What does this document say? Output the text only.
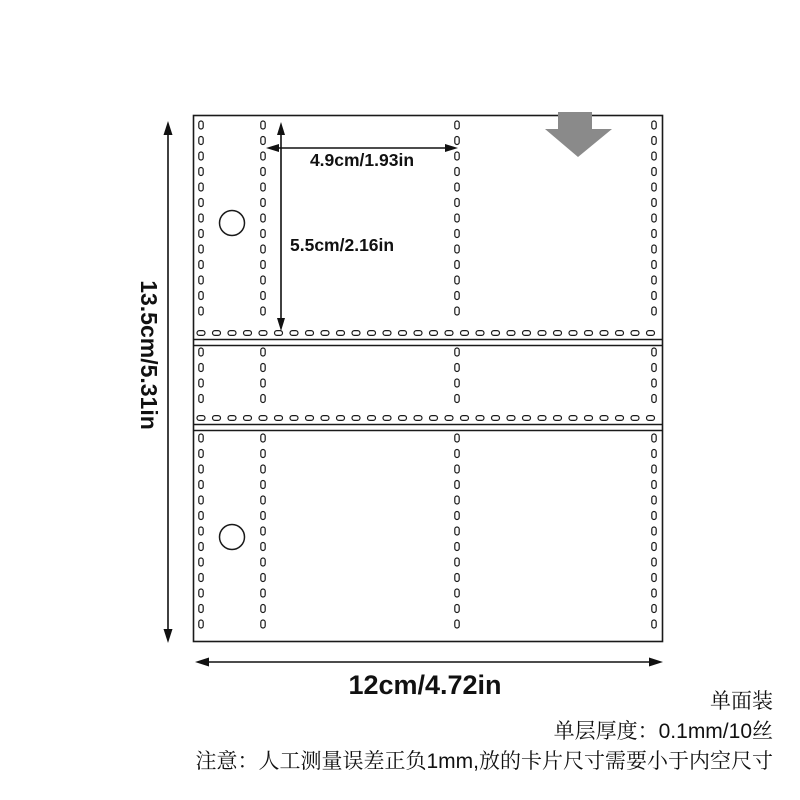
4.9cm/1.93in
5.5cm/2.16in
13.5cm/5.31in
12cm/4.72in
单面装
单层厚度：0.1mm/10丝
注意：人工测量误差正负1mm,放的卡片尺寸需要小于内空尺寸
